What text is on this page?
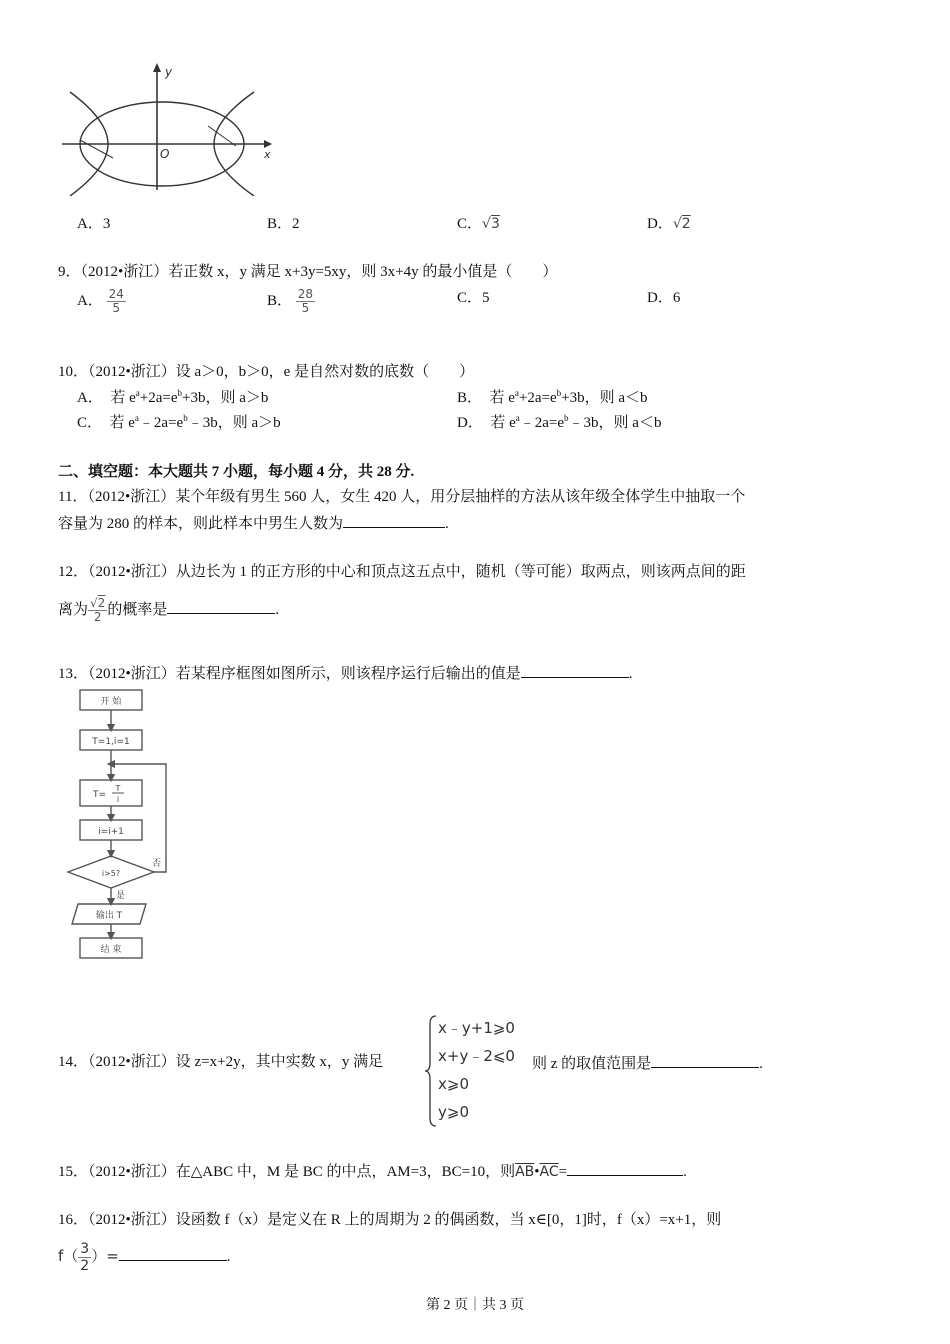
y
x
O
A．3	B．2	C．√3	D．√2
9．（2012•浙江）若正数 x，y 满足 x+3y=5xy，则 3x+4y 的最小值是（　　）
A． $\frac{24}{5}$	B． $\frac{28}{5}$	C．5	D．6
10．（2012•浙江）设 a＞0，b＞0，e 是自然对数的底数（　　）
A．　若 $e^a+2a=e^b+3b$，则 a＞b	B．　若 $e^a+2a=e^b+3b$，则 a＜b
C．　若 $e^a﹣2a=e^b﹣3b$，则 a＞b	D．　若 $e^a﹣2a=e^b﹣3b$，则 a＜b
二、填空题：本大题共 7 小题，每小题 4 分，共 28 分.
11．（2012•浙江）某个年级有男生 560 人，女生 420 人，用分层抽样的方法从该年级全体学生中抽取一个
容量为 280 的样本，则此样本中男生人数为	.
12．（2012•浙江）从边长为 1 的正方形的中心和顶点这五点中，随机（等可能）取两点，则该两点间的距
离为 $\frac{√2}{2}$ 的概率是	.
13．（2012•浙江）若某程序框图如图所示，则该程序运行后输出的值是	.
开 始
T=1,i=1
T=
T
i
i=i+1
i>5?
否
是
输出 T
结 束
14．（2012•浙江）设 z=x+2y，其中实数 x，y 满足
x﹣y+1⩾0
x+y﹣2⩽0
x⩾0
y⩾0
则 z 的取值范围是	.
15．（2012•浙江）在△ABC 中，M 是 BC 的中点，AM=3，BC=10，则$\overline{AB}•\overline{AC}=$	.
16．（2012•浙江）设函数 f（x）是定义在 R 上的周期为 2 的偶函数，当 x∈[0，1]时，f（x）=x+1，则
$f( \frac{3}{2}$ ）=	.
第 2 页｜共 3 页
